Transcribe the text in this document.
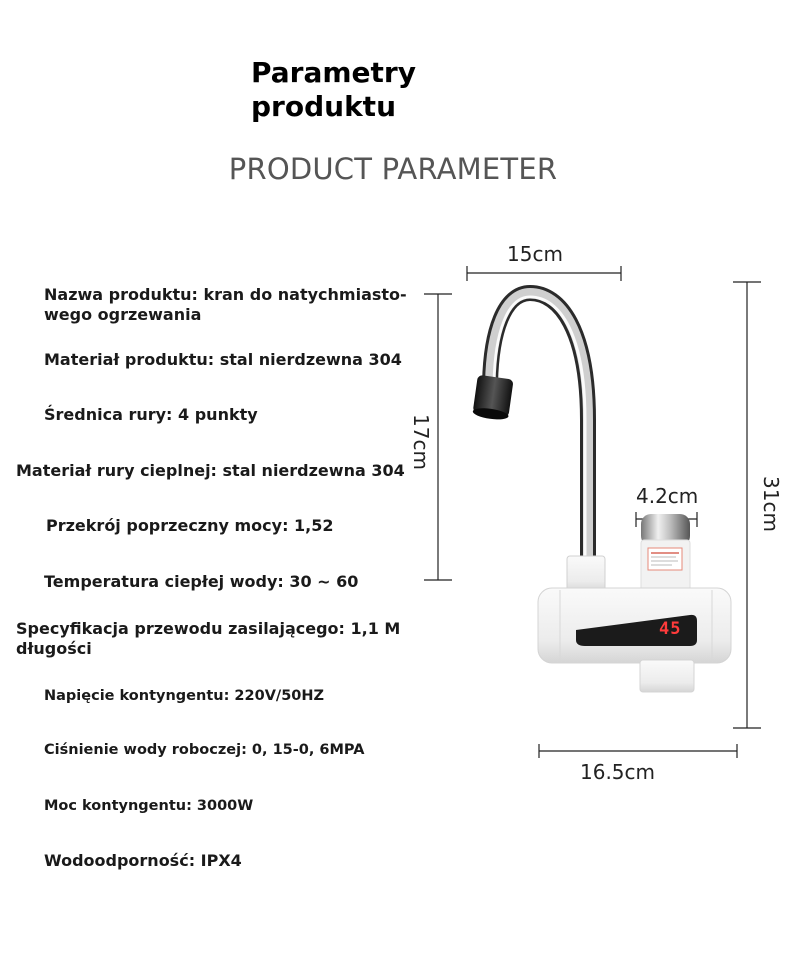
Parametry produktu
PRODUCT PARAMETER
Nazwa produktu: kran do natychmiasto-wego ogrzewania
Materiał produktu: stal nierdzewna 304
Średnica rury: 4 punkty
Materiał rury cieplnej: stal nierdzewna 304
Przekrój poprzeczny mocy: 1,52
Temperatura ciepłej wody: 30 ~ 60
Specyfikacja przewodu zasilającego: 1,1 M długości
Napięcie kontyngentu: 220V/50HZ
Ciśnienie wody roboczej: 0, 15-0, 6MPA
Moc kontyngentu: 3000W
Wodoodporność: IPX4
45
15cm
4.2cm
16.5cm
17cm
31cm
